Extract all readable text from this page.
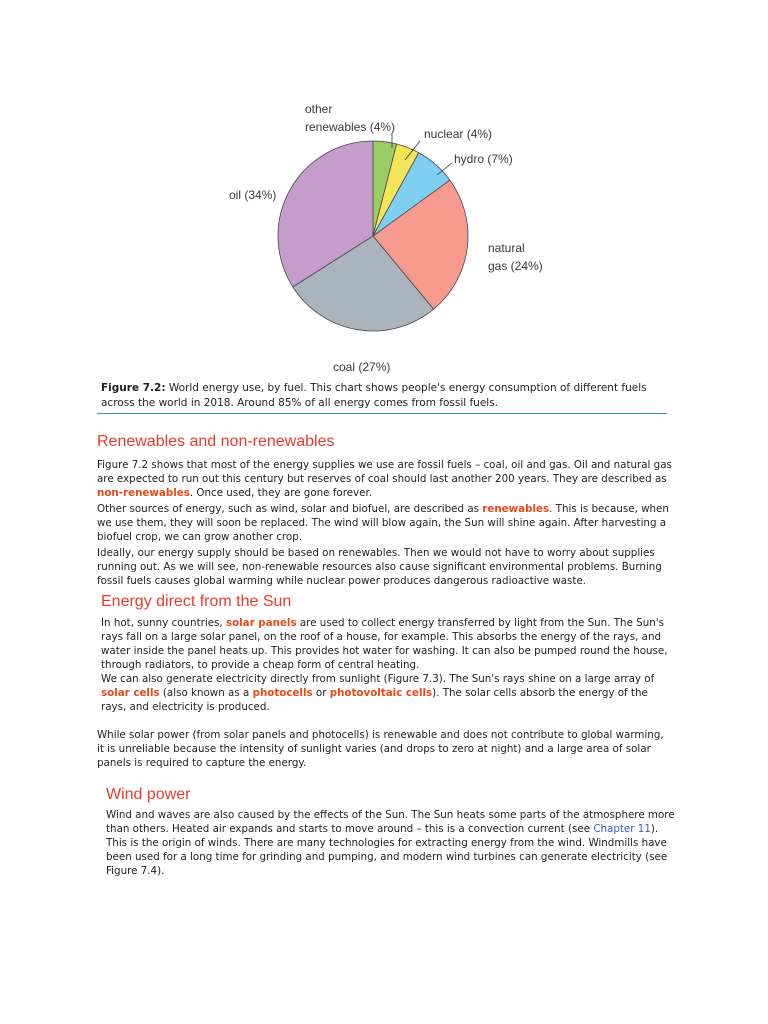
other
renewables (4%) nuclear (4%)
hydro (7%)
natural
gas (24%)
coal (27%)
oil (34%)
Figure 7.2: World energy use, by fuel. This chart shows people's energy consumption of different fuels across the world in 2018. Around 85% of all energy comes from fossil fuels.
Renewables and non-renewables

Figure 7.2 shows that most of the energy supplies we use are fossil fuels – coal, oil and gas. Oil and natural gas are expected to run out this century but reserves of coal should last another 200 years. They are described as non-renewables. Once used, they are gone forever.

Other sources of energy, such as wind, solar and biofuel, are described as renewables. This is because, when we use them, they will soon be replaced. The wind will blow again, the Sun will shine again. After harvesting a biofuel crop, we can grow another crop.

Ideally, our energy supply should be based on renewables. Then we would not have to worry about supplies running out. As we will see, non-renewable resources also cause significant environmental problems. Burning fossil fuels causes global warming while nuclear power produces dangerous radioactive waste.

Energy direct from the Sun

In hot, sunny countries, solar panels are used to collect energy transferred by light from the Sun. The Sun's rays fall on a large solar panel, on the roof of a house, for example. This absorbs the energy of the rays, and water inside the panel heats up. This provides hot water for washing. It can also be pumped round the house, through radiators, to provide a cheap form of central heating.

We can also generate electricity directly from sunlight (Figure 7.3). The Sun's rays shine on a large array of solar cells (also known as a photocells or photovoltaic cells). The solar cells absorb the energy of the rays, and electricity is produced.

While solar power (from solar panels and photocells) is renewable and does not contribute to global warming, it is unreliable because the intensity of sunlight varies (and drops to zero at night) and a large area of solar panels is required to capture the energy.

Wind power

Wind and waves are also caused by the effects of the Sun. The Sun heats some parts of the atmosphere more than others. Heated air expands and starts to move around – this is a convection current (see Chapter 11). This is the origin of winds. There are many technologies for extracting energy from the wind. Windmills have been used for a long time for grinding and pumping, and modern wind turbines can generate electricity (see Figure 7.4).
